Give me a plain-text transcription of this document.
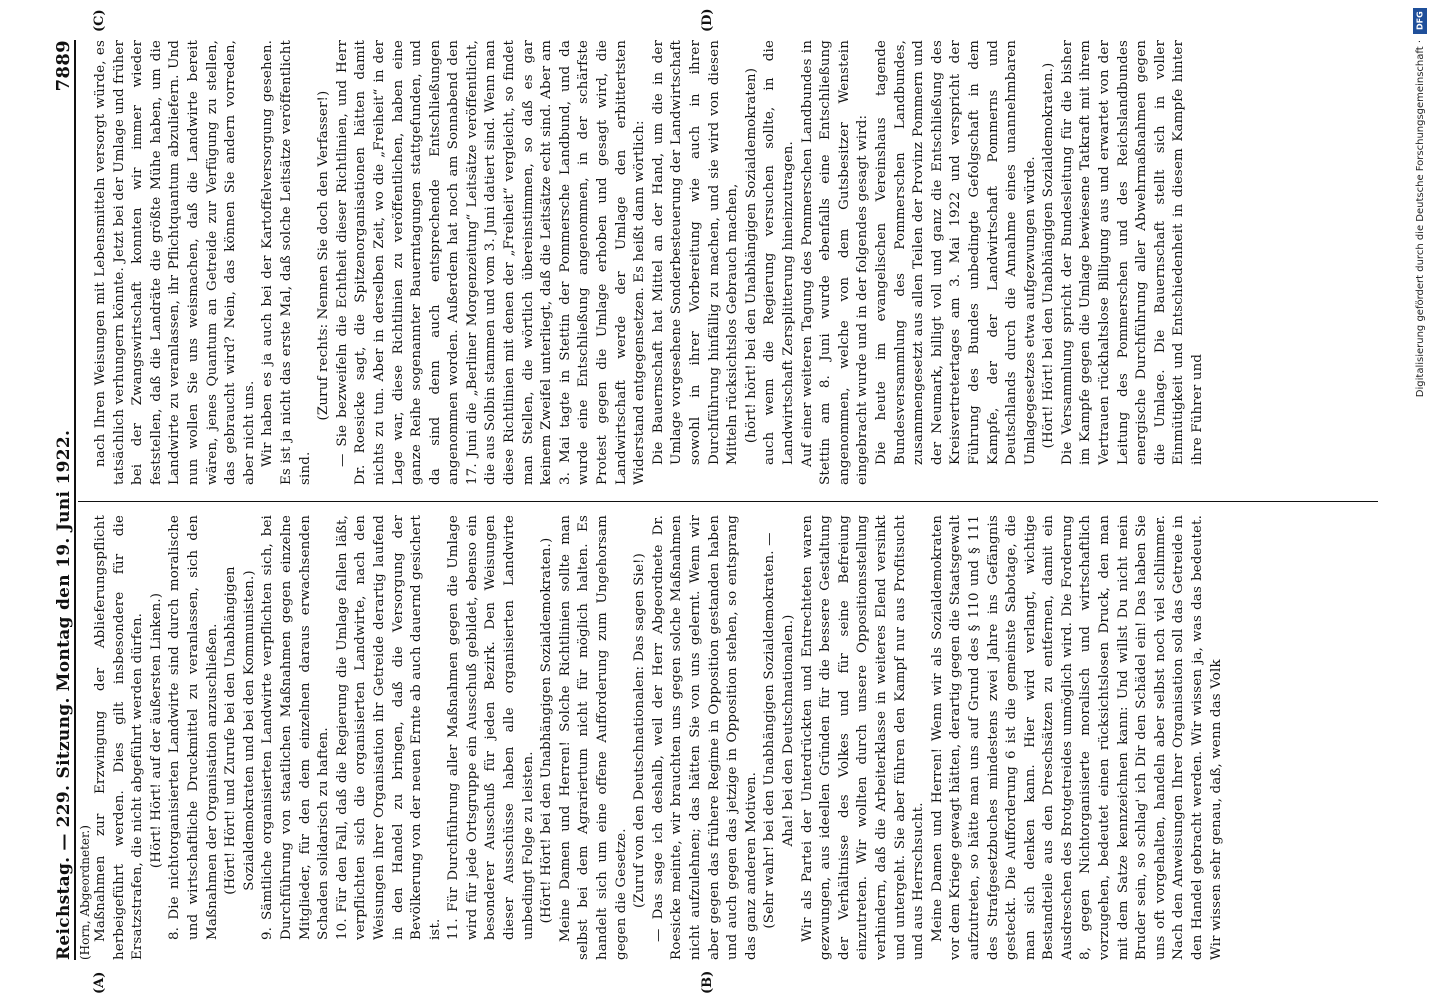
Reichstag.
—
229. Sitzung.
Montag den 19. Juni 1922.
7889
(Horn, Abgeordneter.)
(A)	(B)
(C)	(D)

Maßnahmen zur Erzwingung der Ablieferungspflicht herbeigeführt werden. Dies gilt insbesondere für die Ersatzstrafen, die nicht abgeführt werden dürfen. (Hört! Hört! auf der äußersten Linken.) 8. Die nichtorganisierten Landwirte sind durch moralische und wirtschaftliche Druckmittel zu veranlassen, sich den Maßnahmen der Organisation anzuschließen. (Hört! Hört! und Zurufe bei den Unabhängigen Sozialdemokraten und bei den Kommunisten.) 9. Sämtliche organisierten Landwirte verpflichten sich, bei Durchführung von staatlichen Maßnahmen gegen einzelne Mitglieder, für den dem einzelnen daraus erwachsenden Schaden solidarisch zu haften. 10. Für den Fall, daß die Regierung die Umlage fallen läßt, verpflichten sich die organisierten Landwirte, nach den Weisungen ihrer Organisation ihr Getreide derartig laufend in den Handel zu bringen, daß die Versorgung der Bevölkerung von der neuen Ernte ab auch dauernd gesichert ist. 11. Für Durchführung aller Maßnahmen gegen die Umlage wird für jede Ortsgruppe ein Ausschuß gebildet, ebenso ein besonderer Ausschuß für jeden Bezirk. Den Weisungen dieser Ausschüsse haben alle organisierten Landwirte unbedingt Folge zu leisten. (Hört! Hört! bei den Unabhängigen Sozialdemokraten.) Meine Damen und Herren! Solche Richtlinien sollte man selbst bei dem Agrariertum nicht für möglich halten. Es handelt sich um eine offene Aufforderung zum Ungehorsam gegen die Gesetze. (Zuruf von den Deutschnationalen: Das sagen Sie!) — Das sage ich deshalb, weil der Herr Abgeordnete Dr. Roesicke meinte, wir brauchten uns gegen solche Maßnahmen nicht aufzulehnen; das hätten Sie von uns gelernt. Wenn wir aber gegen das frühere Regime in Opposition gestanden haben und auch gegen das jetzige in Opposition stehen, so entsprang das ganz anderen Motiven. (Sehr wahr! bei den Unabhängigen Sozialdemokraten. — Aha! bei den Deutschnationalen.) Wir als Partei der Unterdrückten und Entrechteten waren gezwungen, aus ideellen Gründen für die bessere Gestaltung der Verhältnisse des Volkes und für seine Befreiung einzutreten. Wir wollten durch unsere Oppositionsstellung verhindern, daß die Arbeiterklasse in weiteres Elend versinkt und untergeht. Sie aber führen den Kampf nur aus Profitsucht und aus Herrschsucht. Meine Damen und Herren! Wenn wir als Sozialdemokraten vor dem Kriege gewagt hätten, derartig gegen die Staatsgewalt aufzutreten, so hätte man uns auf Grund des § 110 und § 111 des Strafgesetzbuches mindestens zwei Jahre ins Gefängnis gesteckt. Die Aufforderung 6 ist die gemeinste Sabotage, die man sich denken kann. Hier wird verlangt, wichtige Bestandteile aus den Dreschsätzen zu entfernen, damit ein Ausdreschen des Brotgetreides unmöglich wird. Die Forderung 8, gegen Nichtorganisierte moralisch und wirtschaftlich vorzugehen, bedeutet einen rücksichtslosen Druck, den man mit dem Satze kennzeichnen kann: Und willst Du nicht mein Bruder sein, so schlag' ich Dir den Schädel ein! Das haben Sie uns oft vorgehalten, handeln aber selbst noch viel schlimmer. Nach den Anweisungen Ihrer Organisation soll das Getreide in den Handel gebracht werden. Wir wissen ja, was das bedeutet. Wir wissen sehr genau, daß, wenn das Volk

nach Ihren Weisungen mit Lebensmitteln versorgt würde, es tatsächlich verhungern könnte. Jetzt bei der Umlage und früher bei der Zwangswirtschaft konnten wir immer wieder feststellen, daß die Landräte die größte Mühe haben, um die Landwirte zu veranlassen, ihr Pflichtquantum abzuliefern. Und nun wollen Sie uns weismachen, daß die Landwirte bereit wären, jenes Quantum an Getreide zur Verfügung zu stellen, das gebraucht wird? Nein, das können Sie andern vorreden, aber nicht uns. Wir haben es ja auch bei der Kartoffelversorgung gesehen. Es ist ja nicht das erste Mal, daß solche Leitsätze veröffentlicht sind.

(Zuruf rechts: Nennen Sie doch den Verfasser!) — Sie bezweifeln die Echtheit dieser Richtlinien, und Herr Dr. Roesicke sagt, die Spitzenorganisationen hätten damit nichts zu tun. Aber in derselben Zeit, wo die „Freiheit“ in der Lage war, diese Richtlinien zu veröffentlichen, haben eine ganze Reihe sogenannter Bauerntagungen stattgefunden, und da sind denn auch entsprechende Entschließungen angenommen worden. Außerdem hat noch am Sonnabend den 17. Juni die „Berliner Morgenzeitung“ Leitsätze veröffentlicht, die aus Solbin stammen und vom 3. Juni datiert sind. Wenn man diese Richtlinien mit denen der „Freiheit“ vergleicht, so findet man Stellen, die wörtlich übereinstimmen, so daß es gar keinem Zweifel unterliegt, daß die Leitsätze echt sind. Aber am 3. Mai tagte in Stettin der Pommersche Landbund, und da wurde eine Entschließung angenommen, in der schärfste Protest gegen die Umlage erhoben und gesagt wird, die Landwirtschaft werde der Umlage den erbittertsten Widerstand entgegensetzen. Es heißt dann wörtlich: Die Bauernschaft hat Mittel an der Hand, um die in der Umlage vorgesehene Sonderbesteuerung der Landwirtschaft sowohl in ihrer Vorbereitung wie auch in ihrer Durchführung hinfällig zu machen, und sie wird von diesen Mitteln rücksichtslos Gebrauch machen, (hört! hört! bei den Unabhängigen Sozialdemokraten) auch wenn die Regierung versuchen sollte, in die Landwirtschaft Zersplitterung hineinzutragen. Auf einer weiteren Tagung des Pommerschen Landbundes in Stettin am 8. Juni wurde ebenfalls eine Entschließung angenommen, welche von dem Gutsbesitzer Wenstein eingebracht wurde und in der folgendes gesagt wird: Die heute im evangelischen Vereinshaus tagende Bundesversammlung des Pommerschen Landbundes, zusammengesetzt aus allen Teilen der Provinz Pommern und der Neumark, billigt voll und ganz die Entschließung des Kreisvertretertages am 3. Mai 1922 und verspricht der Führung des Bundes unbedingte Gefolgschaft in dem Kampfe, der der Landwirtschaft Pommerns und Deutschlands durch die Annahme eines unannehmbaren Umlagegesetzes etwa aufgezwungen würde. (Hört! Hört! bei den Unabhängigen Sozialdemokraten.) Die Versammlung spricht der Bundesleitung für die bisher im Kampfe gegen die Umlage bewiesene Tatkraft mit ihrem Vertrauen rückhaltslose Billigung aus und erwartet von der Leitung des Pommerschen und des Reichslandbundes energische Durchführung aller Abwehrmaßnahmen gegen die Umlage. Die Bauernschaft stellt sich in voller Einmütigkeit und Entschiedenheit in diesem Kampfe hinter ihre Führer und

DFG
Digitalisierung gefördert durch die Deutsche Forschungsgemeinschaft ·
